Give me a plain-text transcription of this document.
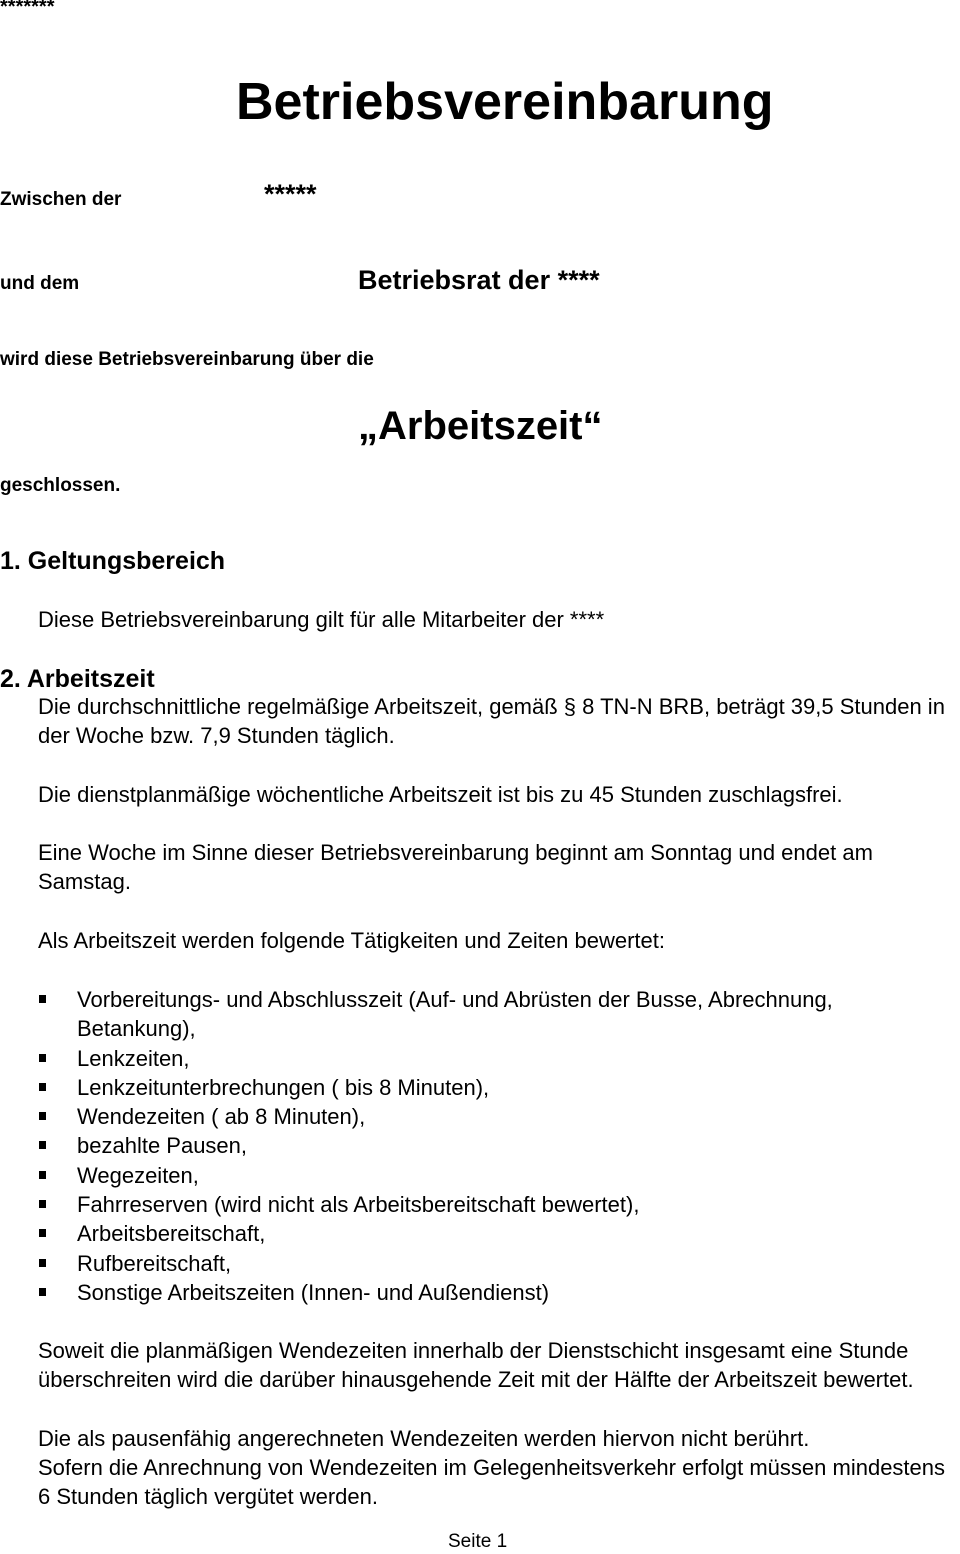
*******
Betriebsvereinbarung
Zwischen der	*****
und dem	Betriebsrat der ****
wird diese Betriebsvereinbarung über die
„Arbeitszeit“
geschlossen.
1. Geltungsbereich
Diese Betriebsvereinbarung gilt für alle Mitarbeiter der ****
2. Arbeitszeit
Die durchschnittliche regelmäßige Arbeitszeit, gemäß § 8 TN-N BRB, beträgt 39,5 Stunden in der Woche bzw. 7,9 Stunden täglich.
Die dienstplanmäßige wöchentliche Arbeitszeit ist bis zu 45 Stunden zuschlagsfrei.
Eine Woche im Sinne dieser Betriebsvereinbarung beginnt am Sonntag und endet am Samstag.
Als Arbeitszeit werden folgende Tätigkeiten und Zeiten bewertet:
Vorbereitungs- und Abschlusszeit (Auf- und Abrüsten der Busse, Abrechnung, Betankung),
Lenkzeiten,
Lenkzeitunterbrechungen ( bis 8 Minuten),
Wendezeiten ( ab 8 Minuten),
bezahlte Pausen,
Wegezeiten,
Fahrreserven (wird nicht als Arbeitsbereitschaft bewertet),
Arbeitsbereitschaft,
Rufbereitschaft,
Sonstige Arbeitszeiten (Innen- und Außendienst)
Soweit die planmäßigen Wendezeiten innerhalb der Dienstschicht insgesamt eine Stunde überschreiten wird die darüber hinausgehende Zeit mit der Hälfte der Arbeitszeit bewertet.
Die als pausenfähig angerechneten Wendezeiten werden hiervon nicht berührt.
Sofern die Anrechnung von Wendezeiten im Gelegenheitsverkehr erfolgt müssen mindestens 6 Stunden täglich vergütet werden.
Seite 1
